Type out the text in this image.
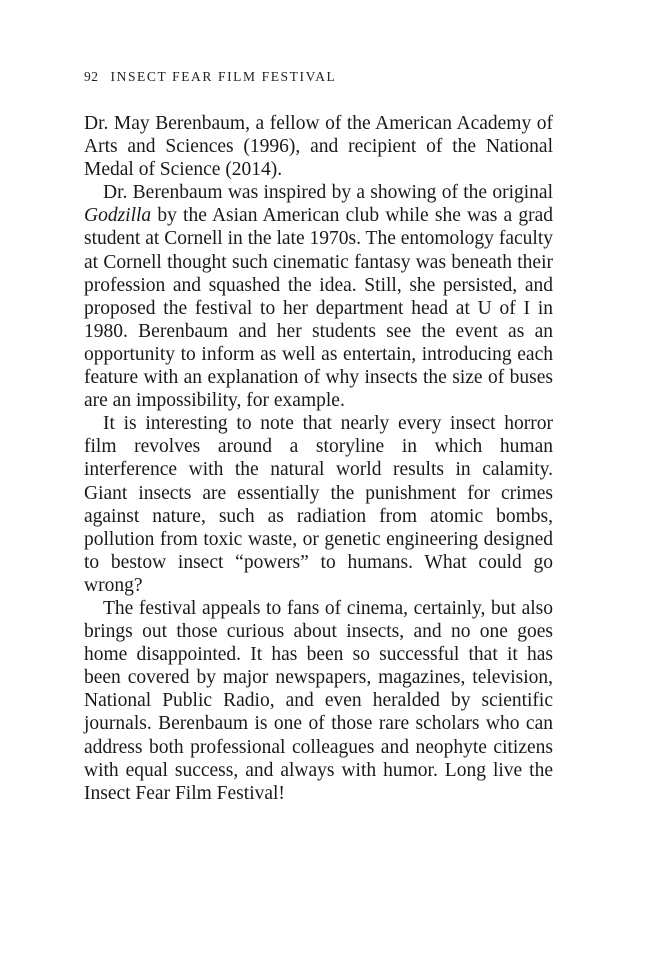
92 INSECT FEAR FILM FESTIVAL

Dr. May Berenbaum, a fellow of the American Academy of Arts and Sciences (1996), and recipient of the National Medal of Science (2014).

Dr. Berenbaum was inspired by a showing of the original Godzilla by the Asian American club while she was a grad student at Cornell in the late 1970s. The entomology faculty at Cornell thought such cinematic fantasy was beneath their profession and squashed the idea. Still, she persisted, and proposed the festival to her department head at U of I in 1980. Berenbaum and her students see the event as an opportunity to inform as well as entertain, introducing each feature with an explanation of why insects the size of buses are an impossibility, for example.

It is interesting to note that nearly every insect horror film revolves around a storyline in which human interference with the natural world results in calamity. Giant insects are essentially the punishment for crimes against nature, such as radiation from atomic bombs, pollution from toxic waste, or genetic engineering designed to bestow insect “powers” to humans. What could go wrong?

The festival appeals to fans of cinema, certainly, but also brings out those curious about insects, and no one goes home disappointed. It has been so successful that it has been covered by major newspapers, magazines, television, National Public Radio, and even heralded by scientific journals. Berenbaum is one of those rare scholars who can address both professional colleagues and neophyte citizens with equal success, and always with humor. Long live the Insect Fear Film Festival!
